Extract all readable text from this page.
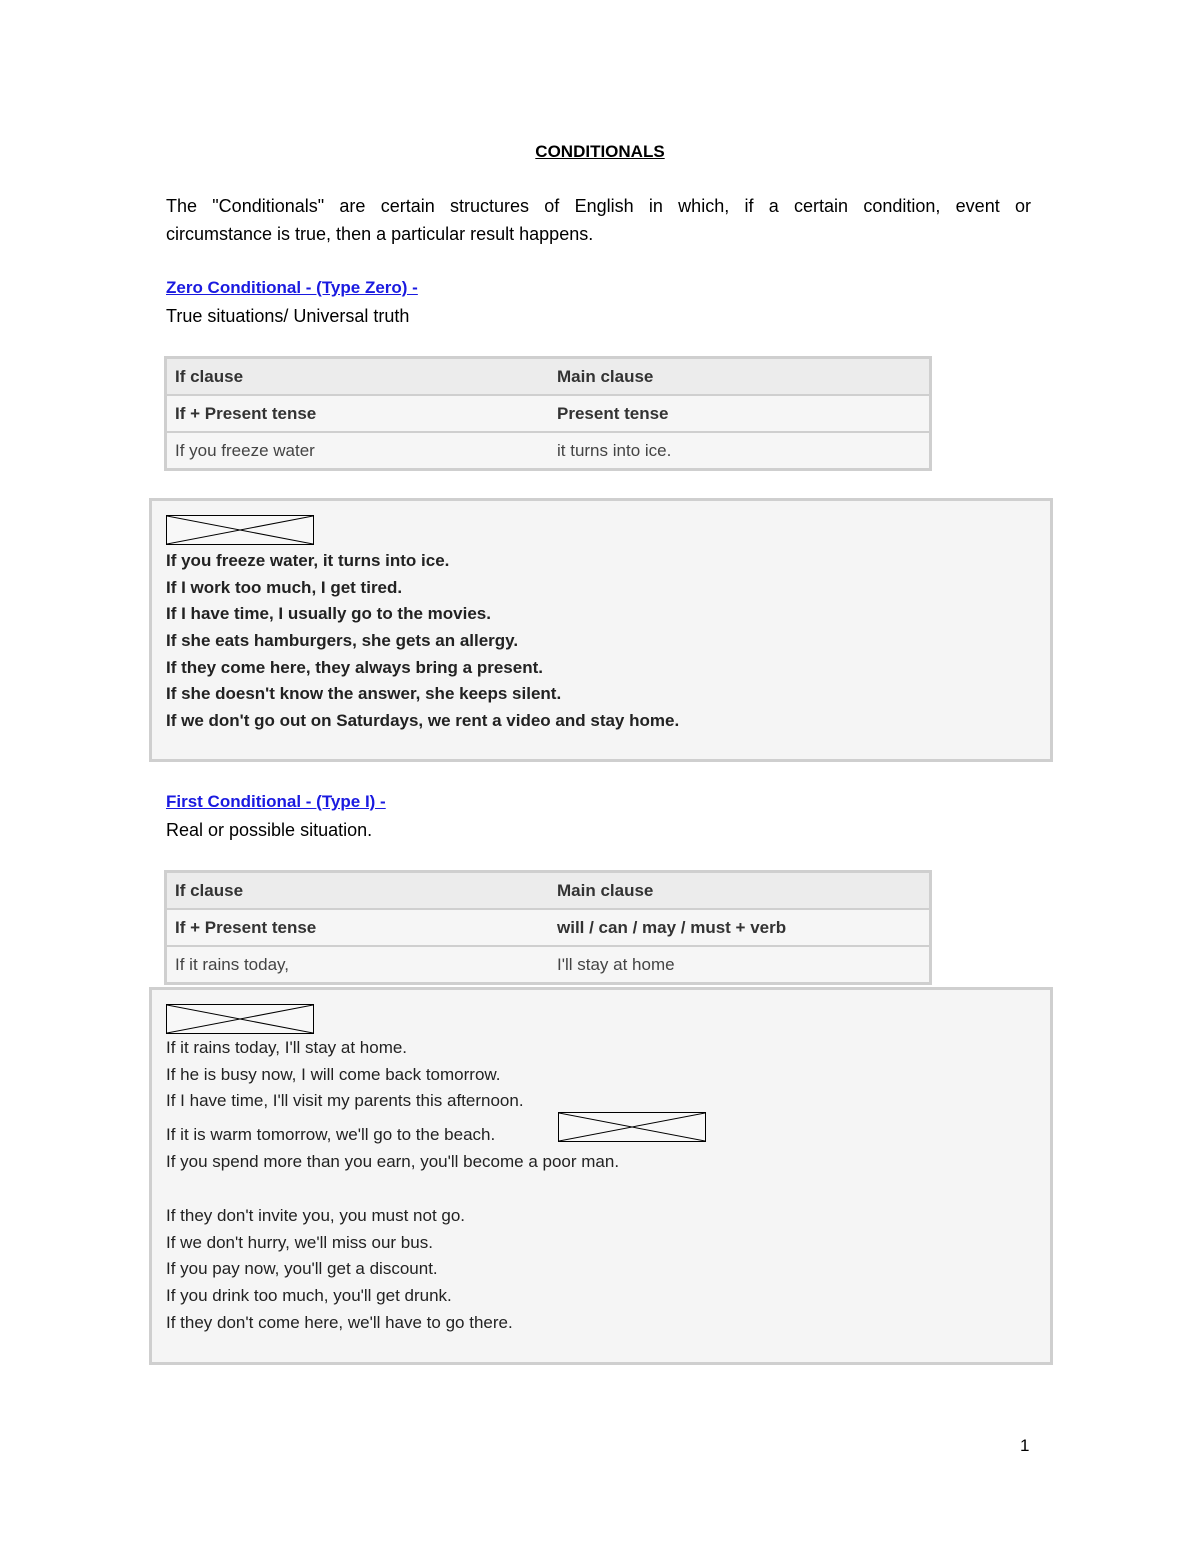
CONDITIONALS
The "Conditionals" are certain structures of English in which, if a certain condition, event or
circumstance is true, then a particular result happens.
Zero Conditional - (Type Zero) -
True situations/ Universal truth
If clause	Main clause
If + Present tense	Present tense
If you freeze water	it turns into ice.
If you freeze water, it turns into ice.
If I work too much, I get tired.
If I have time, I usually go to the movies.
If she eats hamburgers, she gets an allergy.
If they come here, they always bring a present.
If she doesn't know the answer, she keeps silent.
If we don't go out on Saturdays, we rent a video and stay home.
First Conditional - (Type I) -
Real or possible situation.
If clause	Main clause
If + Present tense	will / can / may / must + verb
If it rains today,	I'll stay at home
If it rains today, I'll stay at home.
If he is busy now, I will come back tomorrow.
If I have time, I'll visit my parents this afternoon.
If it is warm tomorrow, we'll go to the beach.
If you spend more than you earn, you'll become a poor man.
If they don't invite you, you must not go.
If we don't hurry, we'll miss our bus.
If you pay now, you'll get a discount.
If you drink too much, you'll get drunk.
If they don't come here, we'll have to go there.
1
